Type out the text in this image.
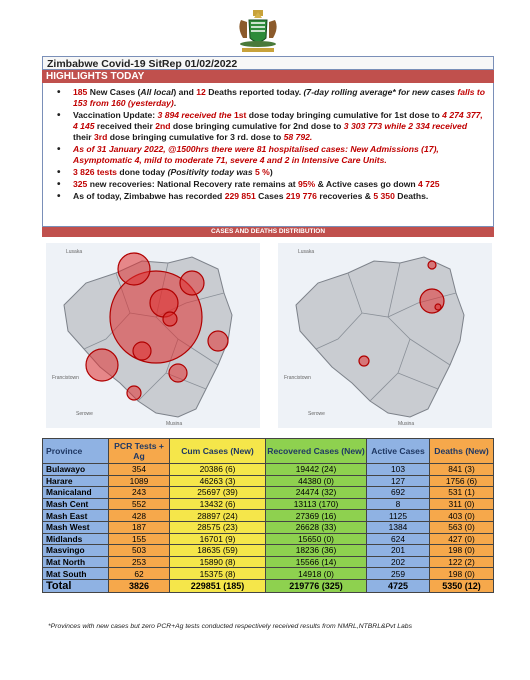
Zimbabwe Covid-19 SitRep 01/02/2022
HIGHLIGHTS TODAY
• 185 New Cases (All local) and 12 Deaths reported today. (7-day rolling average* for new cases falls to 153 from 160 (yesterday).
• Vaccination Update: 3 894 received the 1st dose today bringing cumulative for 1st dose to 4 274 377, 4 145 received their 2nd dose bringing cumulative for 2nd dose to 3 303 773 while 2 334 received their 3rd dose bringing cumulative for 3 rd. dose to 58 792.
• As of 31 January 2022, @1500hrs there were 81 hospitalised cases: New Admissions (17), Asymptomatic 4, mild to moderate 71, severe 4 and 2 in Intensive Care Units.
• 3 826 tests done today (Positivity today was 5 %)
• 325 new recoveries: National Recovery rate remains at 95% & Active cases go down 4 725
• As of today, Zimbabwe has recorded 229 851 Cases 219 776 recoveries & 5 350 Deaths.
CASES AND DEATHS DISTRIBUTION
Lusaka
Francistown
Serowe
Musina
Lusaka
Francistown
Serowe
Musina
Province	PCR Tests + Ag	Cum Cases (New)	Recovered Cases (New)	Active Cases	Deaths (New)
Bulawayo	354	20386 (6)	19442 (24)	103	841 (3)
Harare	1089	46263 (3)	44380 (0)	127	1756 (6)
Manicaland	243	25697 (39)	24474 (32)	692	531 (1)
Mash Cent	552	13432 (6)	13113 (170)	8	311 (0)
Mash East	428	28897 (24)	27369 (16)	1125	403 (0)
Mash West	187	28575 (23)	26628 (33)	1384	563 (0)
Midlands	155	16701 (9)	15650 (0)	624	427 (0)
Masvingo	503	18635 (59)	18236 (36)	201	198 (0)
Mat North	253	15890 (8)	15566 (14)	202	122 (2)
Mat South	62	15375 (8)	14918 (0)	259	198 (0)
Total	3826	229851 (185)	219776 (325)	4725	5350 (12)
*Provinces with new cases but zero PCR+Ag tests conducted respectively received results from NMRL,NTBRL&Pvt Labs
